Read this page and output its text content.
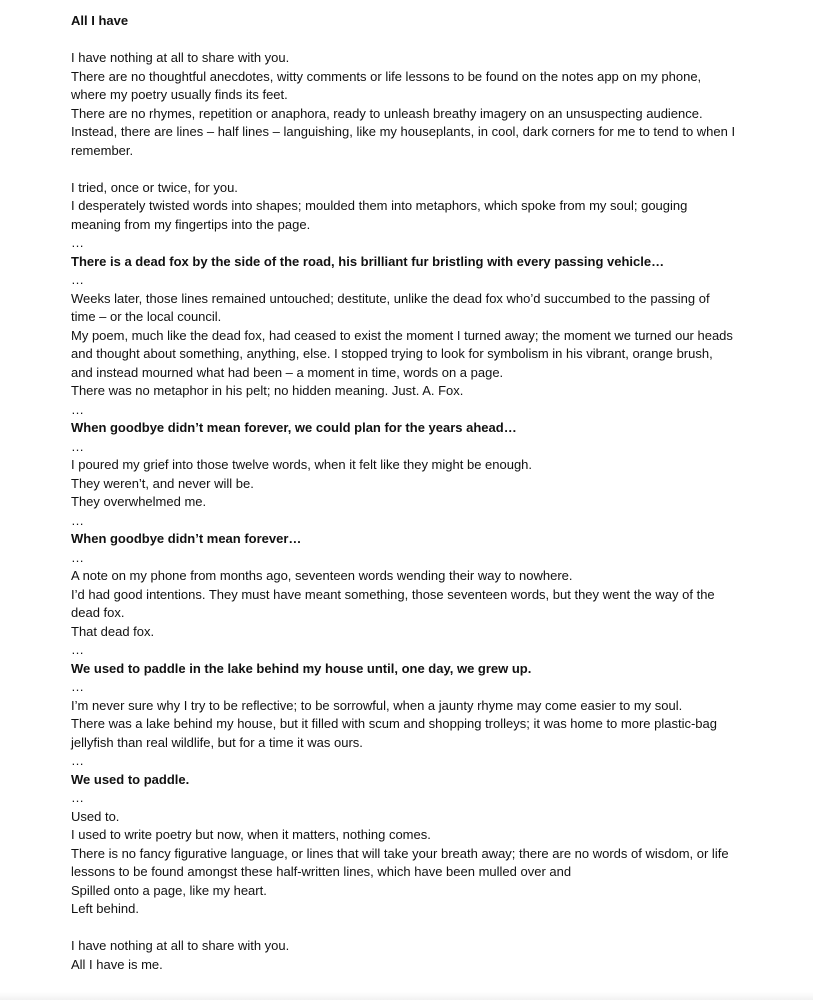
All I have

I have nothing at all to share with you.

There are no thoughtful anecdotes, witty comments or life lessons to be found on the notes app on my phone, where my poetry usually finds its feet.

There are no rhymes, repetition or anaphora, ready to unleash breathy imagery on an unsuspecting audience.

Instead, there are lines – half lines – languishing, like my houseplants, in cool, dark corners for me to tend to when I remember.

I tried, once or twice, for you.

I desperately twisted words into shapes; moulded them into metaphors, which spoke from my soul; gouging meaning from my fingertips into the page.

…

There is a dead fox by the side of the road, his brilliant fur bristling with every passing vehicle…

…

Weeks later, those lines remained untouched; destitute, unlike the dead fox who’d succumbed to the passing of time – or the local council.

My poem, much like the dead fox, had ceased to exist the moment I turned away; the moment we turned our heads and thought about something, anything, else. I stopped trying to look for symbolism in his vibrant, orange brush, and instead mourned what had been – a moment in time, words on a page.

There was no metaphor in his pelt; no hidden meaning. Just. A. Fox.

…

When goodbye didn’t mean forever, we could plan for the years ahead…

…

I poured my grief into those twelve words, when it felt like they might be enough.

They weren’t, and never will be.

They overwhelmed me.

…

When goodbye didn’t mean forever…

…

A note on my phone from months ago, seventeen words wending their way to nowhere.

I’d had good intentions. They must have meant something, those seventeen words, but they went the way of the dead fox.

That dead fox.

…

We used to paddle in the lake behind my house until, one day, we grew up.

…

I’m never sure why I try to be reflective; to be sorrowful, when a jaunty rhyme may come easier to my soul.

There was a lake behind my house, but it filled with scum and shopping trolleys; it was home to more plastic-bag jellyfish than real wildlife, but for a time it was ours.

…

We used to paddle.

…

Used to.

I used to write poetry but now, when it matters, nothing comes.

There is no fancy figurative language, or lines that will take your breath away; there are no words of wisdom, or life lessons to be found amongst these half-written lines, which have been mulled over and

Spilled onto a page, like my heart.

Left behind.

I have nothing at all to share with you.

All I have is me.
